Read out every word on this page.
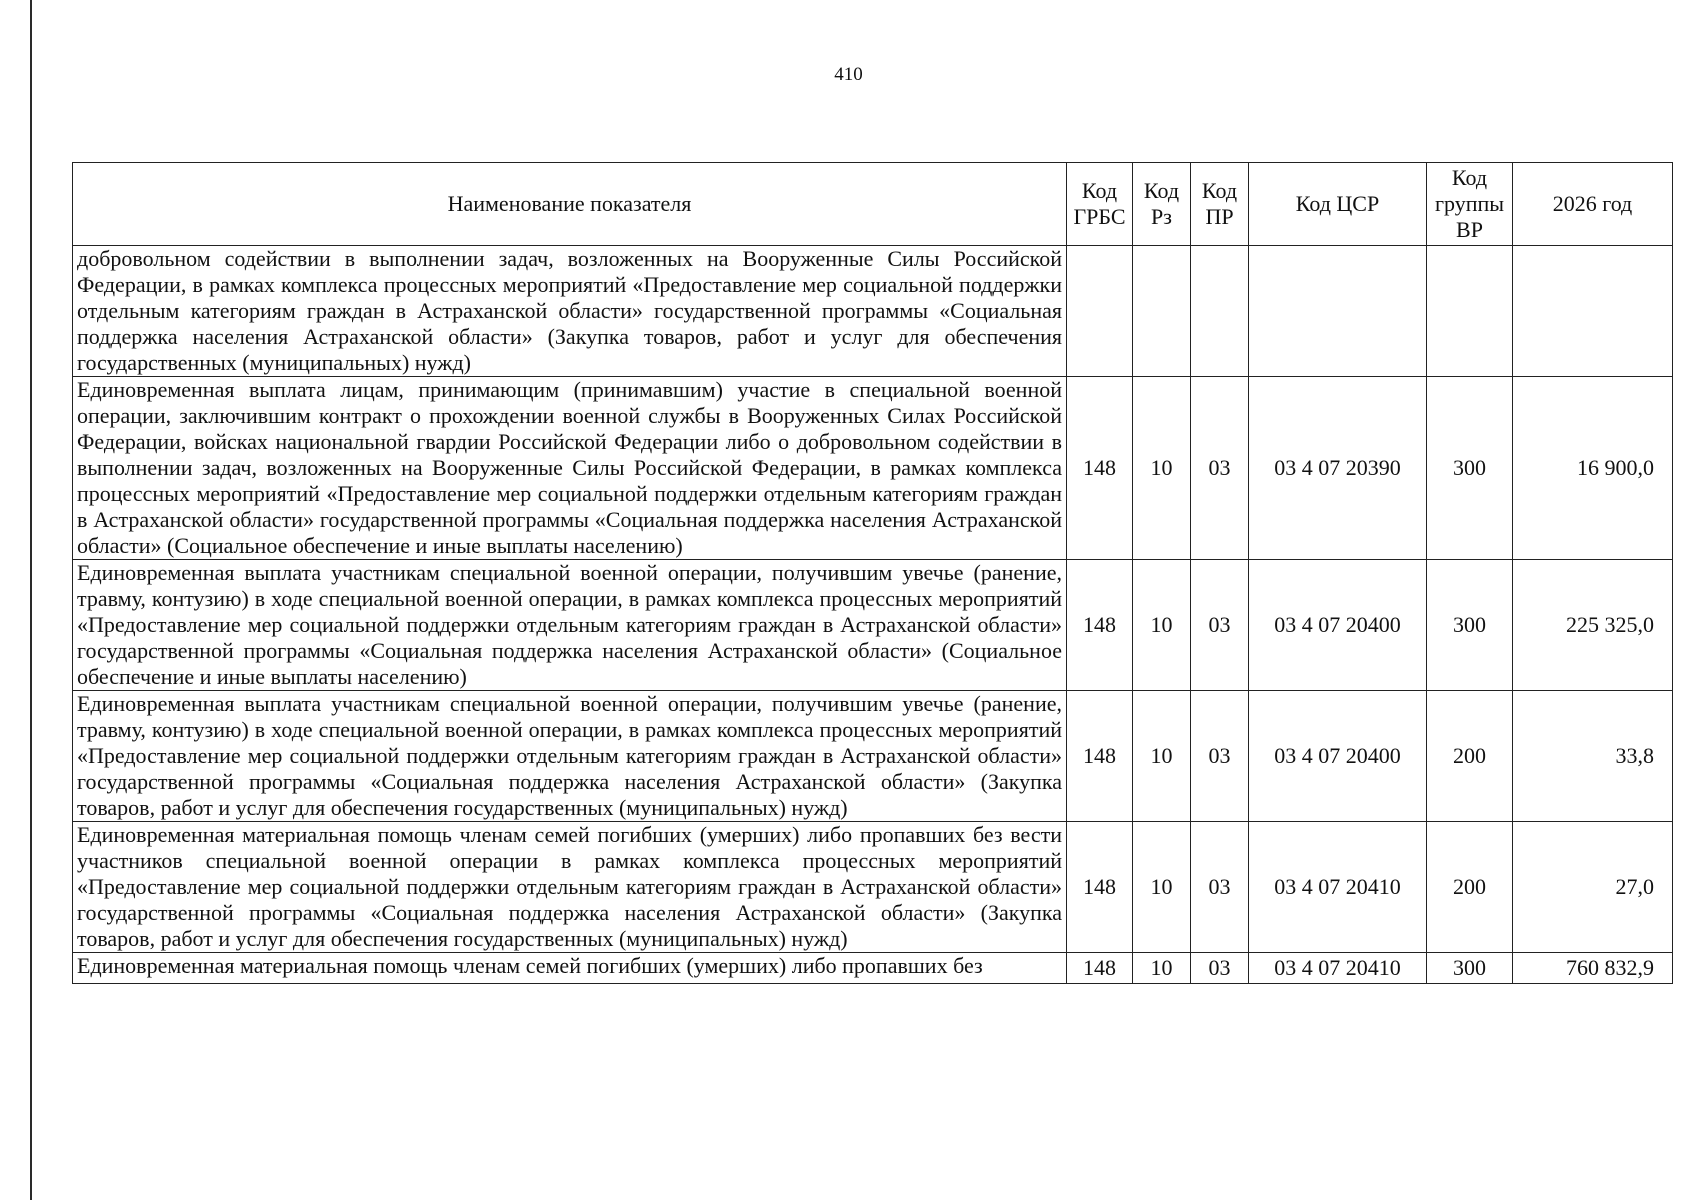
410
Наименование показателя	Код ГРБС	Код Рз	Код ПР	Код ЦСР	Код группы ВР	2026 год
добровольном содействии в выполнении задач, возложенных на Вооруженные Силы Российской Федерации, в рамках комплекса процессных мероприятий «Предоставление мер социальной поддержки отдельным категориям граждан в Астраханской области» государственной программы «Социальная поддержка населения Астраханской области» (Закупка товаров, работ и услуг для обеспечения государственных (муниципальных) нужд)						
Единовременная выплата лицам, принимающим (принимавшим) участие в специальной военной операции, заключившим контракт о прохождении военной службы в Вооруженных Силах Российской Федерации, войсках национальной гвардии Российской Федерации либо о добровольном содействии в выполнении задач, возложенных на Вооруженные Силы Российской Федерации, в рамках комплекса процессных мероприятий «Предоставление мер социальной поддержки отдельным категориям граждан в Астраханской области» государственной программы «Социальная поддержка населения Астраханской области» (Социальное обеспечение и иные выплаты населению)	148	10	03	03 4 07 20390	300	16 900,0
Единовременная выплата участникам специальной военной операции, получившим увечье (ранение, травму, контузию) в ходе специальной военной операции, в рамках комплекса процессных мероприятий «Предоставление мер социальной поддержки отдельным категориям граждан в Астраханской области» государственной программы «Социальная поддержка населения Астраханской области» (Социальное обеспечение и иные выплаты населению)	148	10	03	03 4 07 20400	300	225 325,0
Единовременная выплата участникам специальной военной операции, получившим увечье (ранение, травму, контузию) в ходе специальной военной операции, в рамках комплекса процессных мероприятий «Предоставление мер социальной поддержки отдельным категориям граждан в Астраханской области» государственной программы «Социальная поддержка населения Астраханской области» (Закупка товаров, работ и услуг для обеспечения государственных (муниципальных) нужд)	148	10	03	03 4 07 20400	200	33,8
Единовременная материальная помощь членам семей погибших (умерших) либо пропавших без вести участников специальной военной операции в рамках комплекса процессных мероприятий «Предоставление мер социальной поддержки отдельным категориям граждан в Астраханской области» государственной программы «Социальная поддержка населения Астраханской области» (Закупка товаров, работ и услуг для обеспечения государственных (муниципальных) нужд)	148	10	03	03 4 07 20410	200	27,0
Единовременная материальная помощь членам семей погибших (умерших) либо пропавших без	148	10	03	03 4 07 20410	300	760 832,9
